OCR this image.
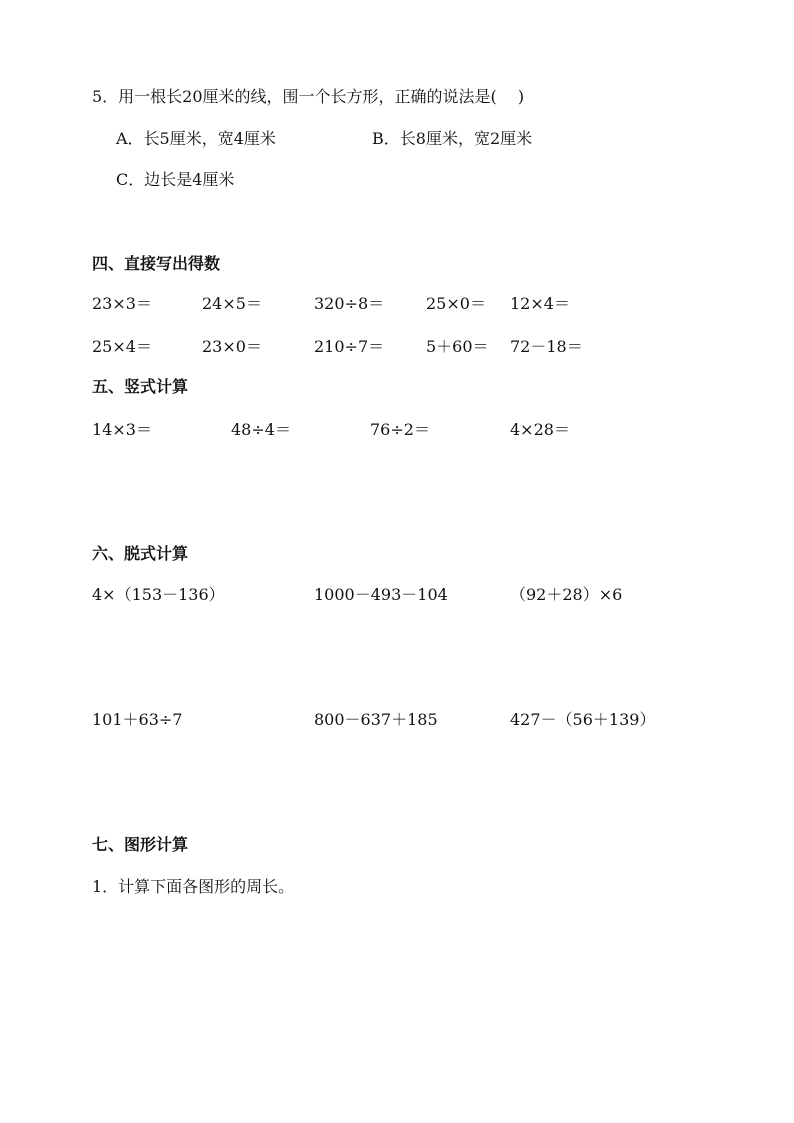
5．用一根长20厘米的线，围一个长方形，正确的说法是(　 )
A．长5厘米，宽4厘米	B．长8厘米，宽2厘米
C．边长是4厘米
四、直接写出得数
23×3＝	24×5＝	320÷8＝	25×0＝ 12×4＝
25×4＝	23×0＝	210÷7＝	5＋60＝ 72－18＝
五、竖式计算
14×3＝	48÷4＝	76÷2＝	4×28＝
六、脱式计算
4×（153－136）	1000－493－104	（92＋28）×6
101＋63÷7	800－637＋185	427－（56＋139）
七、图形计算
1．计算下面各图形的周长。
